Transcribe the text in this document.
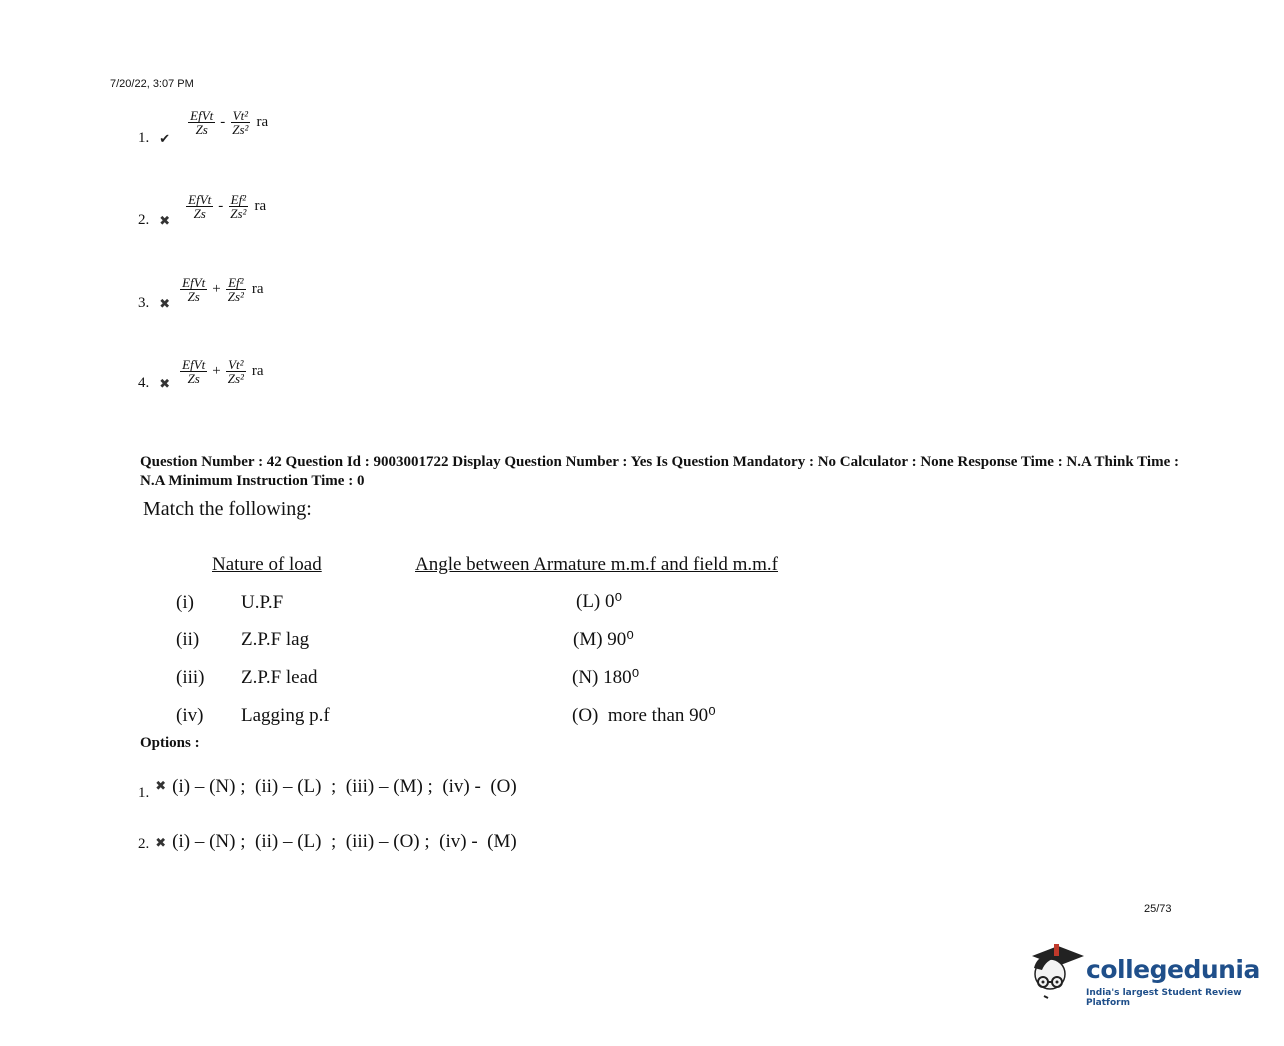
7/20/22, 3:07 PM
1. ✔
$\frac{\text{EfVt}}{Zs} - \frac{\text{Vt²}}{\text{Zs²}}$ ra
2. ✖ $\frac{\text{EfVt}}{Zs} - \frac{\text{Ef²}}{\text{Zs²}}$ ra
3. ✖ $\frac{\text{EfVt}}{Zs} + \frac{\text{Ef²}}{\text{Zs²}}$ ra
4. ✖ $\frac{\text{EfVt}}{Zs} + \frac{\text{Vt²}}{\text{Zs²}}$ ra
Question Number : 42 Question Id : 9003001722 Display Question Number : Yes Is Question Mandatory : No Calculator : None Response Time : N.A Think Time : N.A Minimum Instruction Time : 0
Match the following:
Nature of load	Angle between Armature m.m.f and field m.m.f
(i) U.P.F	(L) 0⁰
(ii) Z.P.F lag	(M) 90⁰
(iii) Z.P.F lead	(N) 180⁰
(iv) Lagging p.f	(O)  more than 90⁰
Options :
1. ✖ (i) – (N) ;  (ii) – (L)  ;  (iii) – (M) ;  (iv) -  (O)
2. ✖ (i) – (N) ;  (ii) – (L)  ;  (iii) – (O) ;  (iv) -  (M)
25/73
collegedunia
India's largest Student Review Platform
